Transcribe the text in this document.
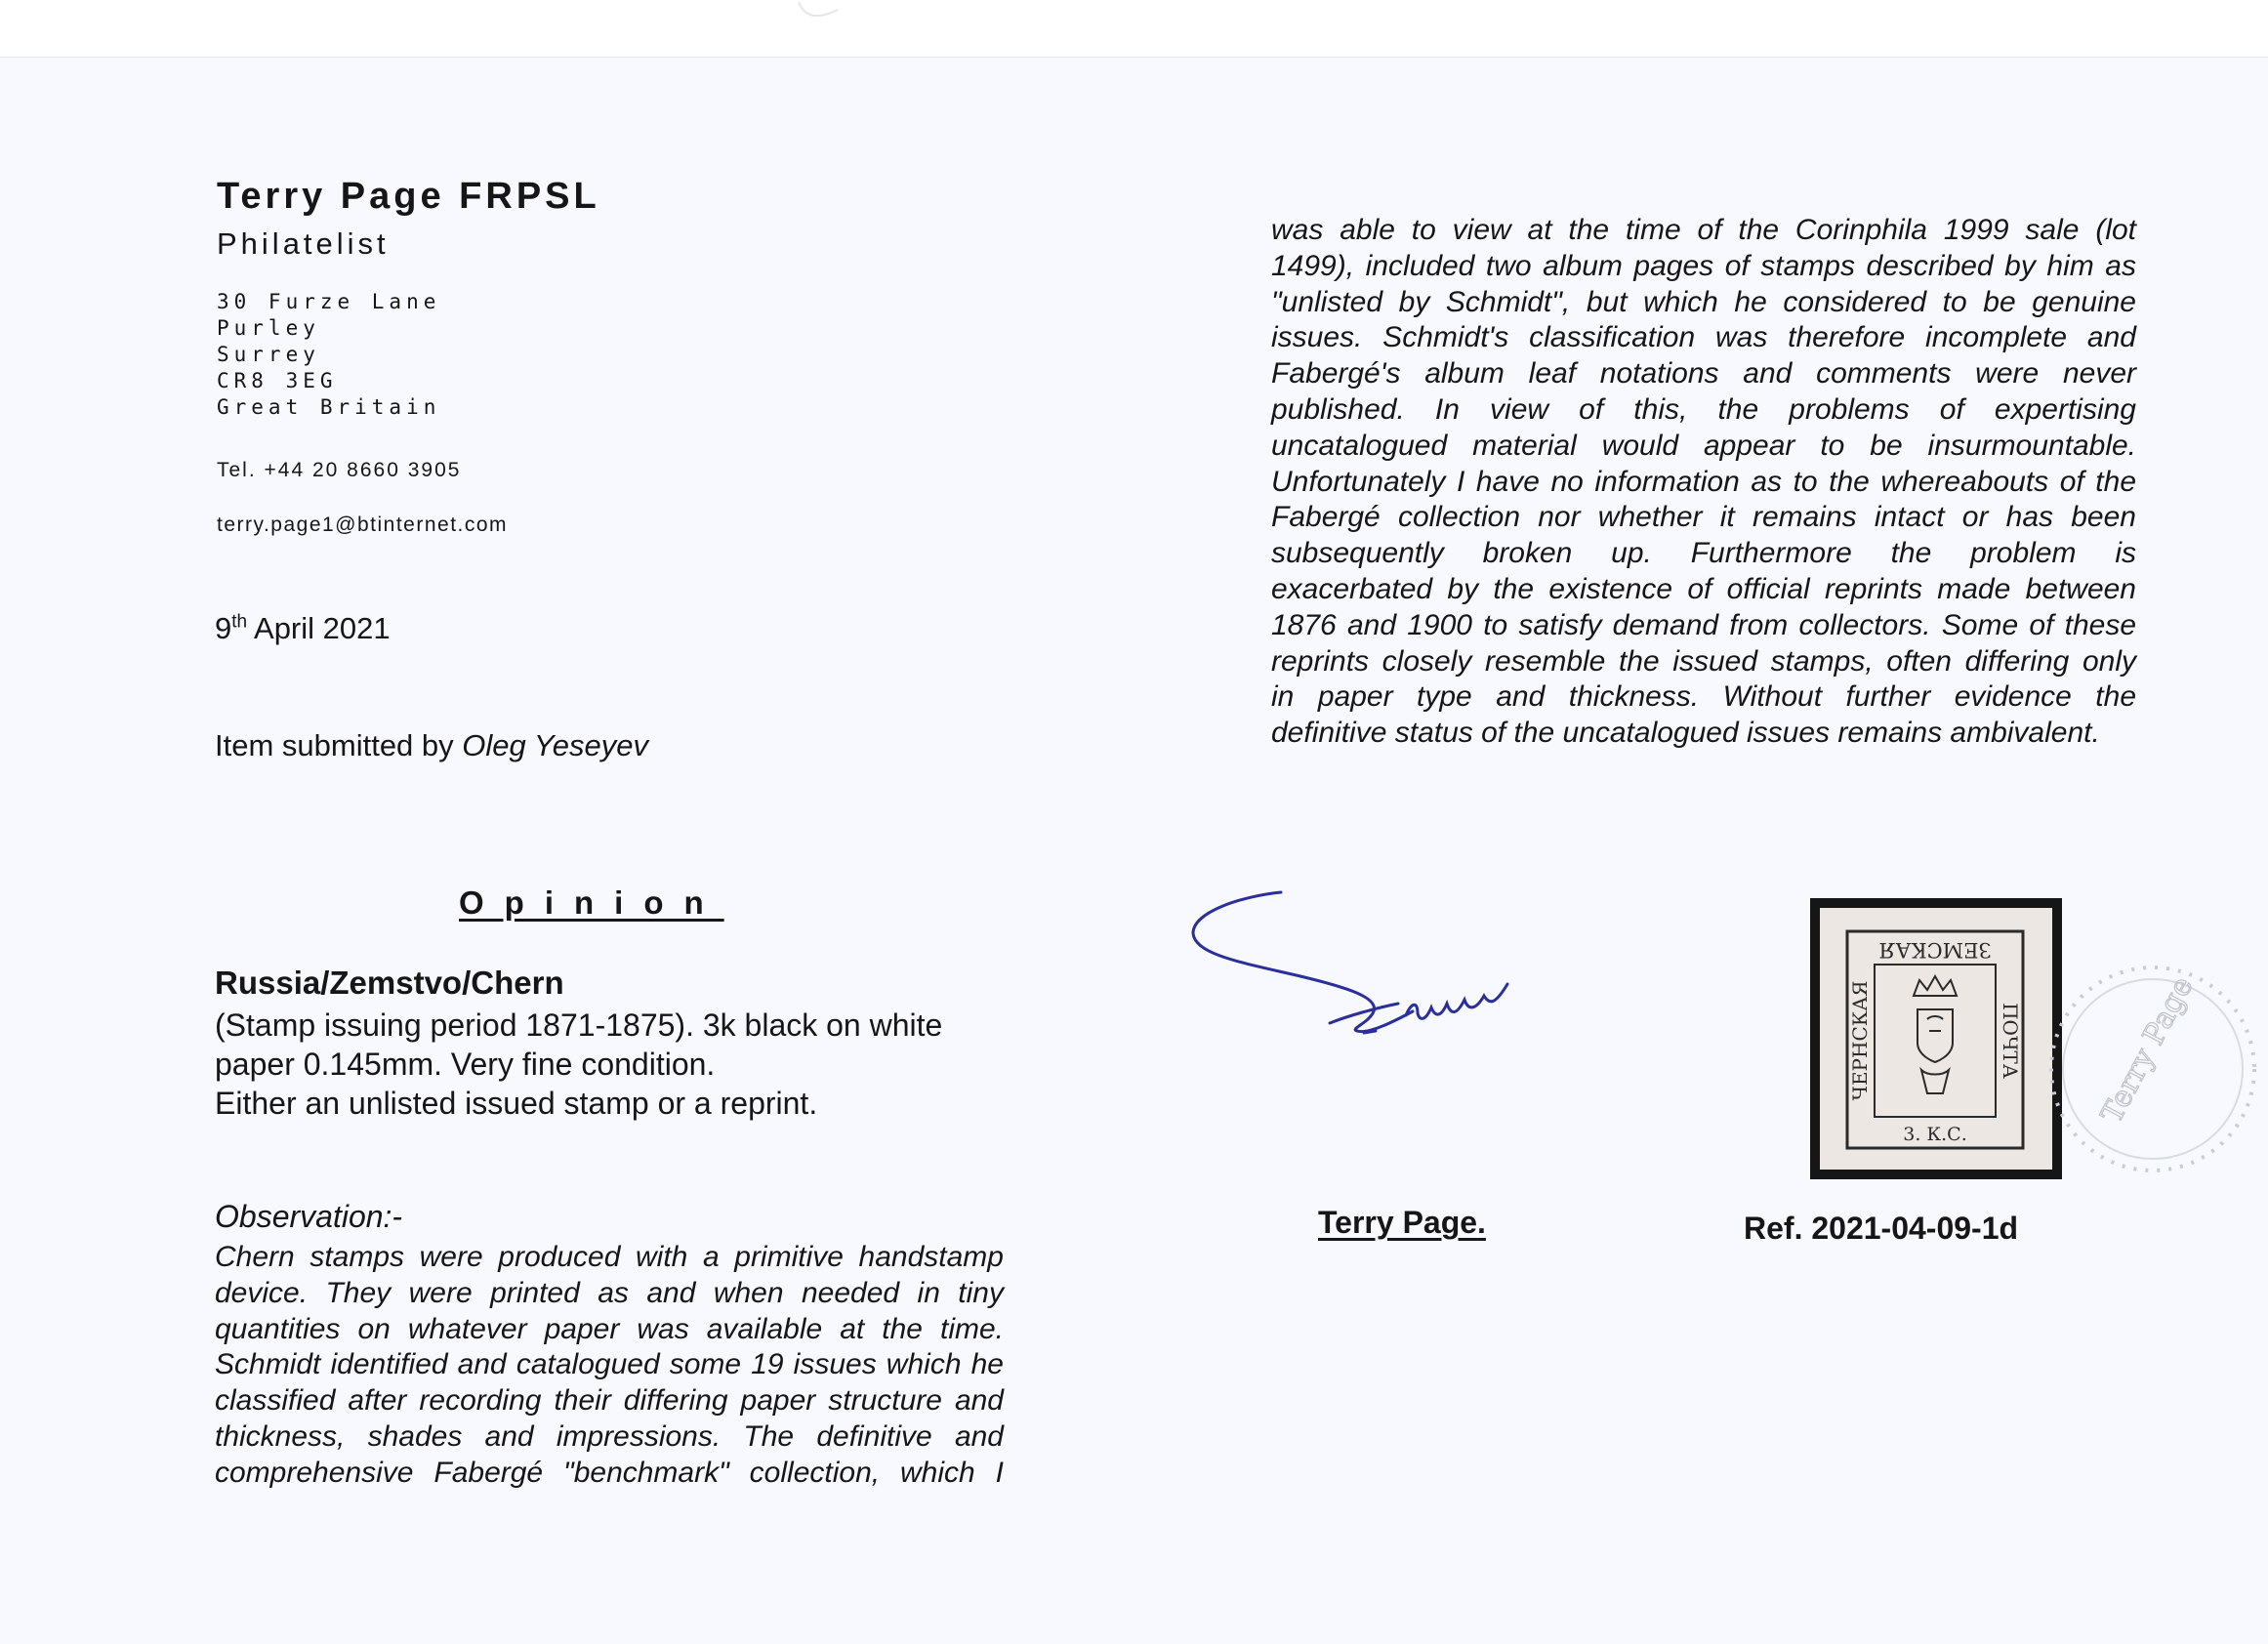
Terry Page FRPSL
Philatelist
30 Furze Lane
Purley
Surrey
CR8 3EG
Great Britain
Tel. +44 20 8660 3905
terry.page1@btinternet.com
9th April 2021
Item submitted by Oleg Yeseyev
Opinion
Russia/Zemstvo/Chern
(Stamp issuing period 1871-1875). 3k black on white
paper 0.145mm. Very fine condition.
Either an unlisted issued stamp or a reprint.
Observation:-
Chern stamps were produced with a primitive handstamp
device. They were printed as and when needed in tiny
quantities on whatever paper was available at the time.
Schmidt identified and catalogued some 19 issues which he
classified after recording their differing paper structure and
thickness, shades and impressions. The definitive and
comprehensive Fabergé "benchmark" collection, which I
was able to view at the time of the Corinphila 1999 sale (lot
1499), included two album pages of stamps described by him as
"unlisted by Schmidt", but which he considered to be genuine
issues. Schmidt's classification was therefore incomplete and
Fabergé's album leaf notations and comments were never
published. In view of this, the problems of expertising
uncatalogued material would appear to be insurmountable.
Unfortunately I have no information as to the whereabouts of the
Fabergé collection nor whether it remains intact or has been
subsequently broken up. Furthermore the problem is
exacerbated by the existence of official reprints made between
1876 and 1900 to satisfy demand from collectors. Some of these
reprints closely resemble the issued stamps, often differing only
in paper type and thickness. Without further evidence the
definitive status of the uncatalogued issues remains ambivalent.
Terry Page.	Ref. 2021-04-09-1d
ЗЕМСКАЯ
ЧЕРНСКАЯ	ПОЧТА
3. К.С.
Terry Page
